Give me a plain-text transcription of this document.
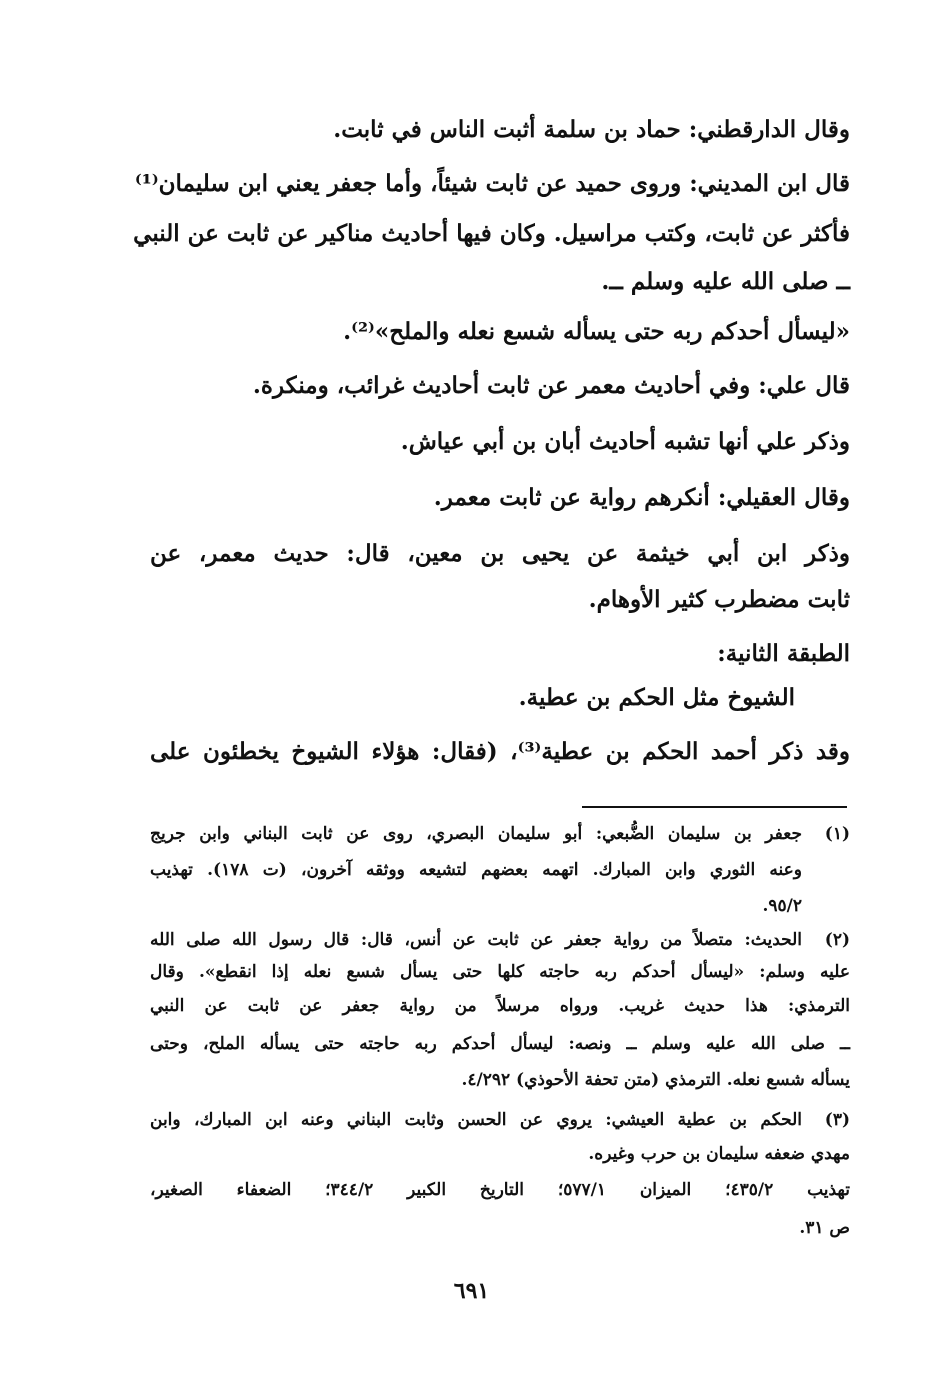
وقال الدارقطني: حماد بن سلمة أثبت الناس في ثابت.
قال ابن المديني: وروى حميد عن ثابت شيئاً، وأما جعفر يعني ابن سليمان⁽¹⁾
فأكثر عن ثابت، وكتب مراسيل. وكان فيها أحاديث مناكير عن ثابت عن النبي
ــ صلى الله عليه وسلم ــ.
«ليسأل أحدكم ربه حتى يسأله شسع نعله والملح»⁽²⁾.
قال علي: وفي أحاديث معمر عن ثابت أحاديث غرائب، ومنكرة.
وذكر علي أنها تشبه أحاديث أبان بن أبي عياش.
وقال العقيلي: أنكرهم رواية عن ثابت معمر.
وذكر ابن أبي خيثمة عن يحيى بن معين، قال: حديث معمر، عن
ثابت مضطرب كثير الأوهام.
الطبقة الثانية:
الشيوخ مثل الحكم بن عطية.
وقد ذكر أحمد الحكم بن عطية⁽³⁾، (فقال: هؤلاء الشيوخ يخطئون على
(١)
جعفر بن سليمان الضُّبعي: أبو سليمان البصري، روى عن ثابت البناني وابن جريج
وعنه الثوري وابن المبارك. اتهمه بعضهم لتشيعه ووثقه آخرون، (ت ١٧٨). تهذيب
٩٥/٢.
(٢)
الحديث: متصلاً من رواية جعفر عن ثابت عن أنس، قال: قال رسول الله صلى الله
عليه وسلم: «ليسأل أحدكم ربه حاجته كلها حتى يسأل شسع نعله إذا انقطع». وقال
الترمذي: هذا حديث غريب. ورواه مرسلاً من رواية جعفر عن ثابت عن النبي
ــ صلى الله عليه وسلم ــ ونصه: ليسأل أحدكم ربه حاجته حتى يسأله الملح، وحتى
يسأله شسع نعله. الترمذي (متن تحفة الأحوذي) ٤/٢٩٢.
(٣)
الحكم بن عطية العيشي: يروي عن الحسن وثابت البناني وعنه ابن المبارك، وابن
مهدي ضعفه سليمان بن حرب وغيره.
تهذيب ٤٣٥/٢؛ الميزان ٥٧٧/١؛ التاريخ الكبير ٣٤٤/٢؛ الضعفاء الصغير،
ص ٣١.
٦٩١
